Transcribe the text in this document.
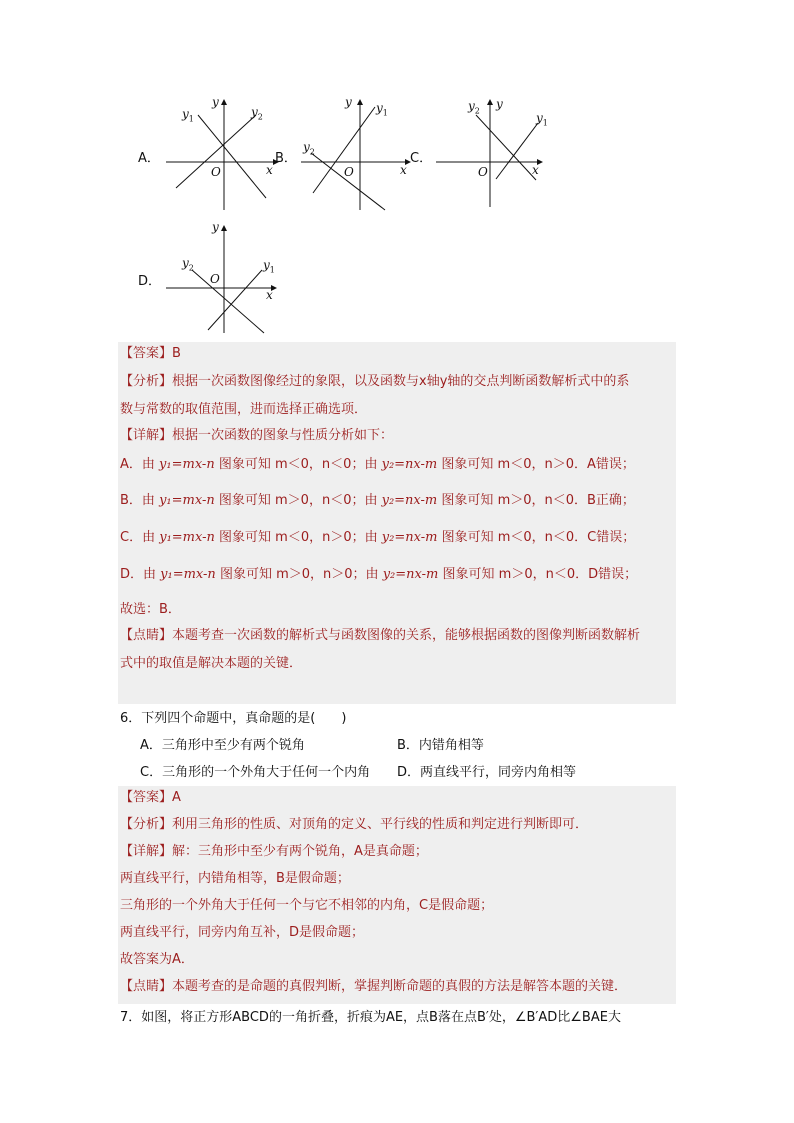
A．
$y_1$	$y_2$
y
x
O
B．
$y_2$
$y_1$
y
x
O
C．
$y_2$
$y_1$
y
x
O
D．
$y_2$	$y_1$
y
x
O
【答案】B
【分析】根据一次函数图像经过的象限，以及函数与x轴y轴的交点判断函数解析式中的系
数与常数的取值范围，进而选择正确选项．
【详解】根据一次函数的图象与性质分析如下：
A．由 y₁=mx-n 图象可知 m＜0，n＜0；由 y₂=nx-m 图象可知 m＜0，n＞0．A错误；
B．由 y₁=mx-n 图象可知 m＞0，n＜0；由 y₂=nx-m 图象可知 m＞0，n＜0．B正确；
C．由 y₁=mx-n 图象可知 m＜0，n＞0；由 y₂=nx-m 图象可知 m＜0，n＜0．C错误；
D．由 y₁=mx-n 图象可知 m＞0，n＞0；由 y₂=nx-m 图象可知 m＞0，n＜0．D错误；
故选：B．
【点睛】本题考查一次函数的解析式与函数图像的关系，能够根据函数的图像判断函数解析
式中的取值是解决本题的关键．
6．下列四个命题中，真命题的是(　　)
A．三角形中至少有两个锐角	B．内错角相等
C．三角形的一个外角大于任何一个内角 D．两直线平行，同旁内角相等
【答案】A
【分析】利用三角形的性质、对顶角的定义、平行线的性质和判定进行判断即可．
【详解】解：三角形中至少有两个锐角，A是真命题；
两直线平行，内错角相等，B是假命题；
三角形的一个外角大于任何一个与它不相邻的内角，C是假命题；
两直线平行，同旁内角互补，D是假命题；
故答案为A．
【点睛】本题考查的是命题的真假判断，掌握判断命题的真假的方法是解答本题的关键．
7．如图，将正方形ABCD的一角折叠，折痕为AE，点B落在点B′处，∠B′AD比∠BAE大
